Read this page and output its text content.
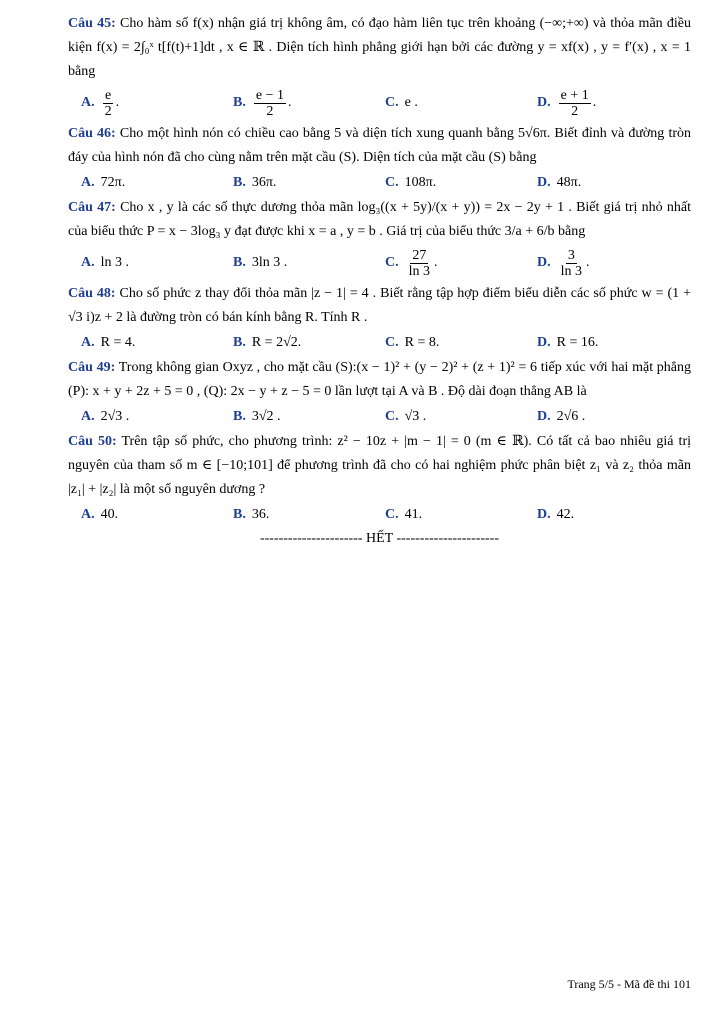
Câu 45: Cho hàm số f(x) nhận giá trị không âm, có đạo hàm liên tục trên khoảng (−∞;+∞) và thỏa mãn điều kiện f(x) = 2∫₀ˣ t[f(t)+1]dt , x ∈ ℝ . Diện tích hình phẳng giới hạn bởi các đường y = xf(x) , y = f′(x) , x = 1 bằng

A. $\frac{e}{2}$ .	B. $\frac{e - 1}{2}$ .	C. e .	D. $\frac{e + 1}{2}$ .

Câu 46: Cho một hình nón có chiều cao bằng 5 và diện tích xung quanh bằng 5√6π. Biết đỉnh và đường tròn đáy của hình nón đã cho cùng nằm trên mặt cầu (S). Diện tích của mặt cầu (S) bằng

A. 72π.	B. 36π.	C. 108π.	D. 48π.

Câu 47: Cho x , y là các số thực dương thỏa mãn log₃((x + 5y)/(x + y)) = 2x − 2y + 1 . Biết giá trị nhỏ nhất của biểu thức P = x − 3log₃ y đạt được khi x = a , y = b . Giá trị của biểu thức 3/a + 6/b bằng

A. ln 3 .	B. 3ln 3 .	C. $\frac{27}{\ln 3}$ .	D. $\frac{3}{\ln 3}$ .

Câu 48: Cho số phức z thay đổi thỏa mãn |z − 1| = 4 . Biết rằng tập hợp điểm biểu diễn các số phức w = (1 + √3 i)z + 2 là đường tròn có bán kính bằng R. Tính R .

A. R = 4.	B. R = 2√2.	C. R = 8.	D. R = 16.

Câu 49: Trong không gian Oxyz , cho mặt cầu (S):(x − 1)² + (y − 2)² + (z + 1)² = 6 tiếp xúc với hai mặt phẳng (P): x + y + 2z + 5 = 0 , (Q): 2x − y + z − 5 = 0 lần lượt tại A và B . Độ dài đoạn thẳng AB là

A. 2√3 .	B. 3√2 .	C. √3 .	D. 2√6 .

Câu 50: Trên tập số phức, cho phương trình: z² − 10z + |m − 1| = 0 (m ∈ ℝ). Có tất cả bao nhiêu giá trị nguyên của tham số m ∈ [−10;101] để phương trình đã cho có hai nghiệm phức phân biệt z₁ và z₂ thỏa mãn |z₁| + |z₂| là một số nguyên dương ?

A. 40.	B. 36.	C. 41.	D. 42.
---------------------- HẾT ----------------------
Trang 5/5 - Mã đề thi 101
